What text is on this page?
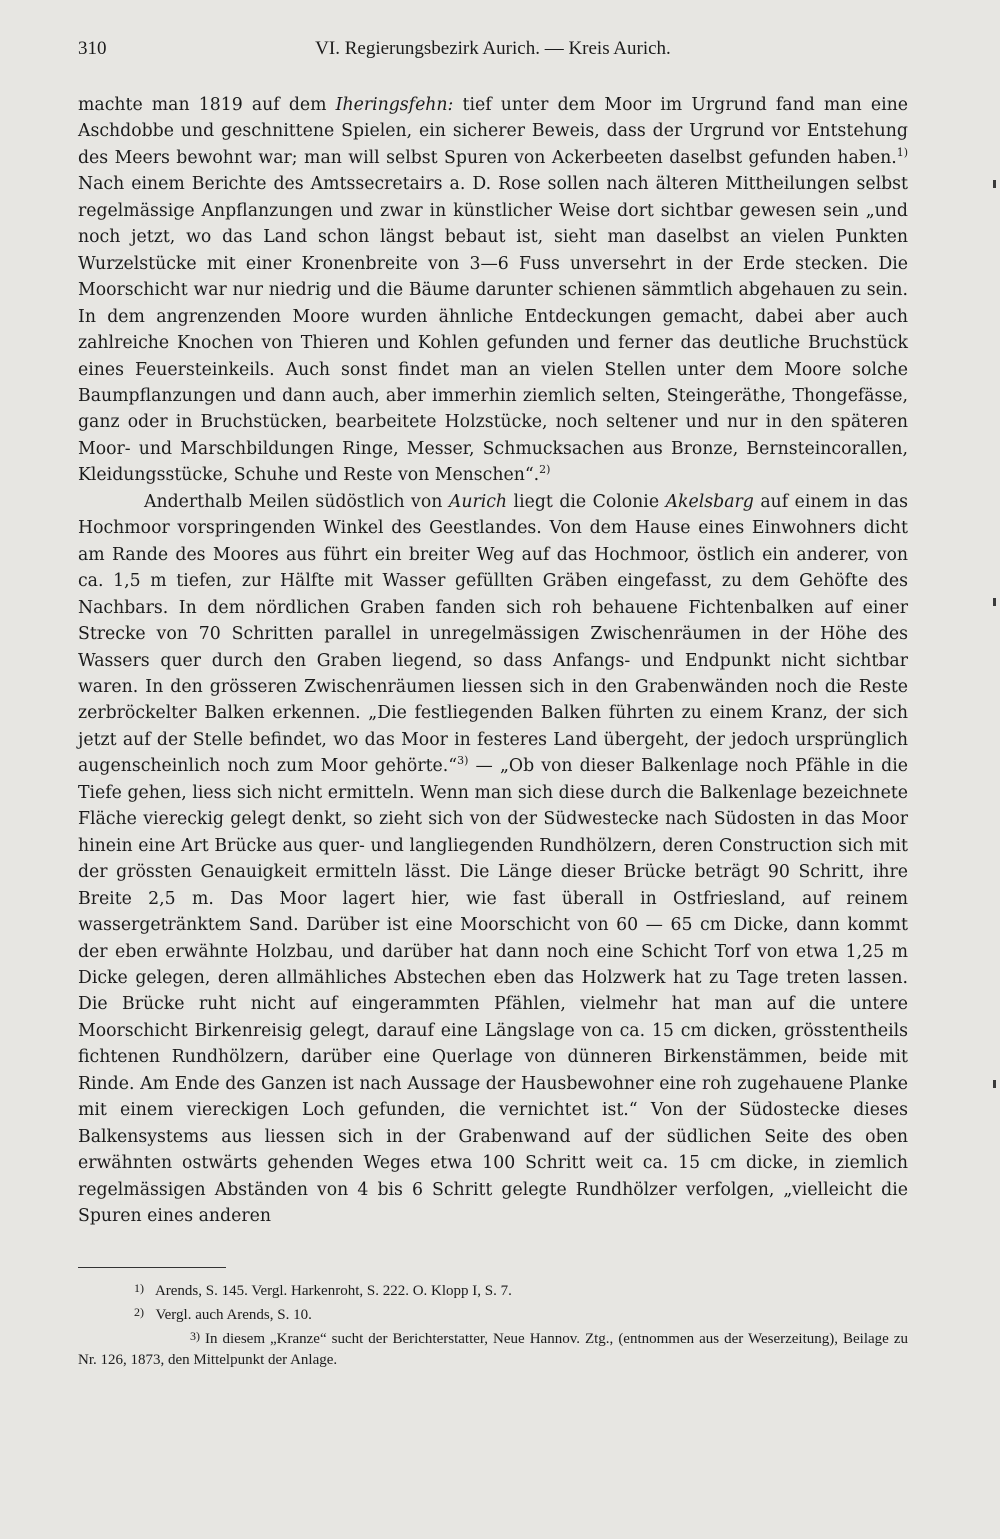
310	VI. Regierungsbezirk Aurich. — Kreis Aurich.

machte man 1819 auf dem Iheringsfehn: tief unter dem Moor im Urgrund fand man eine Aschdobbe und geschnittene Spielen, ein sicherer Beweis, dass der Urgrund vor Entstehung des Meers bewohnt war; man will selbst Spuren von Ackerbeeten daselbst gefunden haben.$^{1)}$ Nach einem Berichte des Amtssecretairs a. D. Rose sollen nach älteren Mittheilungen selbst regelmässige Anpflanzungen und zwar in künstlicher Weise dort sichtbar gewesen sein „und noch jetzt, wo das Land schon längst bebaut ist, sieht man daselbst an vielen Punkten Wurzelstücke mit einer Kronenbreite von 3—6 Fuss unversehrt in der Erde stecken. Die Moorschicht war nur niedrig und die Bäume darunter schienen sämmtlich abgehauen zu sein. In dem angrenzenden Moore wurden ähnliche Entdeckungen gemacht, dabei aber auch zahlreiche Knochen von Thieren und Kohlen gefunden und ferner das deutliche Bruchstück eines Feuersteinkeils. Auch sonst findet man an vielen Stellen unter dem Moore solche Baumpflanzungen und dann auch, aber immerhin ziemlich selten, Steingeräthe, Thongefässe, ganz oder in Bruchstücken, bearbeitete Holzstücke, noch seltener und nur in den späteren Moor- und Marschbildungen Ringe, Messer, Schmucksachen aus Bronze, Bernsteincorallen, Kleidungsstücke, Schuhe und Reste von Menschen“.$^{2)}$

Anderthalb Meilen südöstlich von Aurich liegt die Colonie Akelsbarg auf einem in das Hochmoor vorspringenden Winkel des Geestlandes. Von dem Hause eines Einwohners dicht am Rande des Moores aus führt ein breiter Weg auf das Hochmoor, östlich ein anderer, von ca. 1,5 m tiefen, zur Hälfte mit Wasser gefüllten Gräben eingefasst, zu dem Gehöfte des Nachbars. In dem nördlichen Graben fanden sich roh behauene Fichtenbalken auf einer Strecke von 70 Schritten parallel in unregelmässigen Zwischenräumen in der Höhe des Wassers quer durch den Graben liegend, so dass Anfangs- und Endpunkt nicht sichtbar waren. In den grösseren Zwischenräumen liessen sich in den Grabenwänden noch die Reste zerbröckelter Balken erkennen. „Die festliegenden Balken führten zu einem Kranz, der sich jetzt auf der Stelle befindet, wo das Moor in festeres Land übergeht, der jedoch ursprünglich augenscheinlich noch zum Moor gehörte.“$^{3)}$ — „Ob von dieser Balkenlage noch Pfähle in die Tiefe gehen, liess sich nicht ermitteln. Wenn man sich diese durch die Balkenlage bezeichnete Fläche viereckig gelegt denkt, so zieht sich von der Südwestecke nach Südosten in das Moor hinein eine Art Brücke aus quer- und langliegenden Rundhölzern, deren Construction sich mit der grössten Genauigkeit ermitteln lässt. Die Länge dieser Brücke beträgt 90 Schritt, ihre Breite 2,5 m. Das Moor lagert hier, wie fast überall in Ostfriesland, auf reinem wassergetränktem Sand. Darüber ist eine Moorschicht von 60 — 65 cm Dicke, dann kommt der eben erwähnte Holzbau, und darüber hat dann noch eine Schicht Torf von etwa 1,25 m Dicke gelegen, deren allmähliches Abstechen eben das Holzwerk hat zu Tage treten lassen. Die Brücke ruht nicht auf eingerammten Pfählen, vielmehr hat man auf die untere Moorschicht Birkenreisig gelegt, darauf eine Längslage von ca. 15 cm dicken, grösstentheils fichtenen Rundhölzern, darüber eine Querlage von dünneren Birkenstämmen, beide mit Rinde. Am Ende des Ganzen ist nach Aussage der Hausbewohner eine roh zugehauene Planke mit einem viereckigen Loch gefunden, die vernichtet ist.“ Von der Südostecke dieses Balkensystems aus liessen sich in der Grabenwand auf der südlichen Seite des oben erwähnten ostwärts gehenden Weges etwa 100 Schritt weit ca. 15 cm dicke, in ziemlich regelmässigen Abständen von 4 bis 6 Schritt gelegte Rundhölzer verfolgen, „vielleicht die Spuren eines anderen

1) Arends, S. 145. Vergl. Harkenroht, S. 222. O. Klopp I, S. 7.

2) Vergl. auch Arends, S. 10.

3) In diesem „Kranze“ sucht der Berichterstatter, Neue Hannov. Ztg., (entnommen aus der Weserzeitung), Beilage zu Nr. 126, 1873, den Mittelpunkt der Anlage.
